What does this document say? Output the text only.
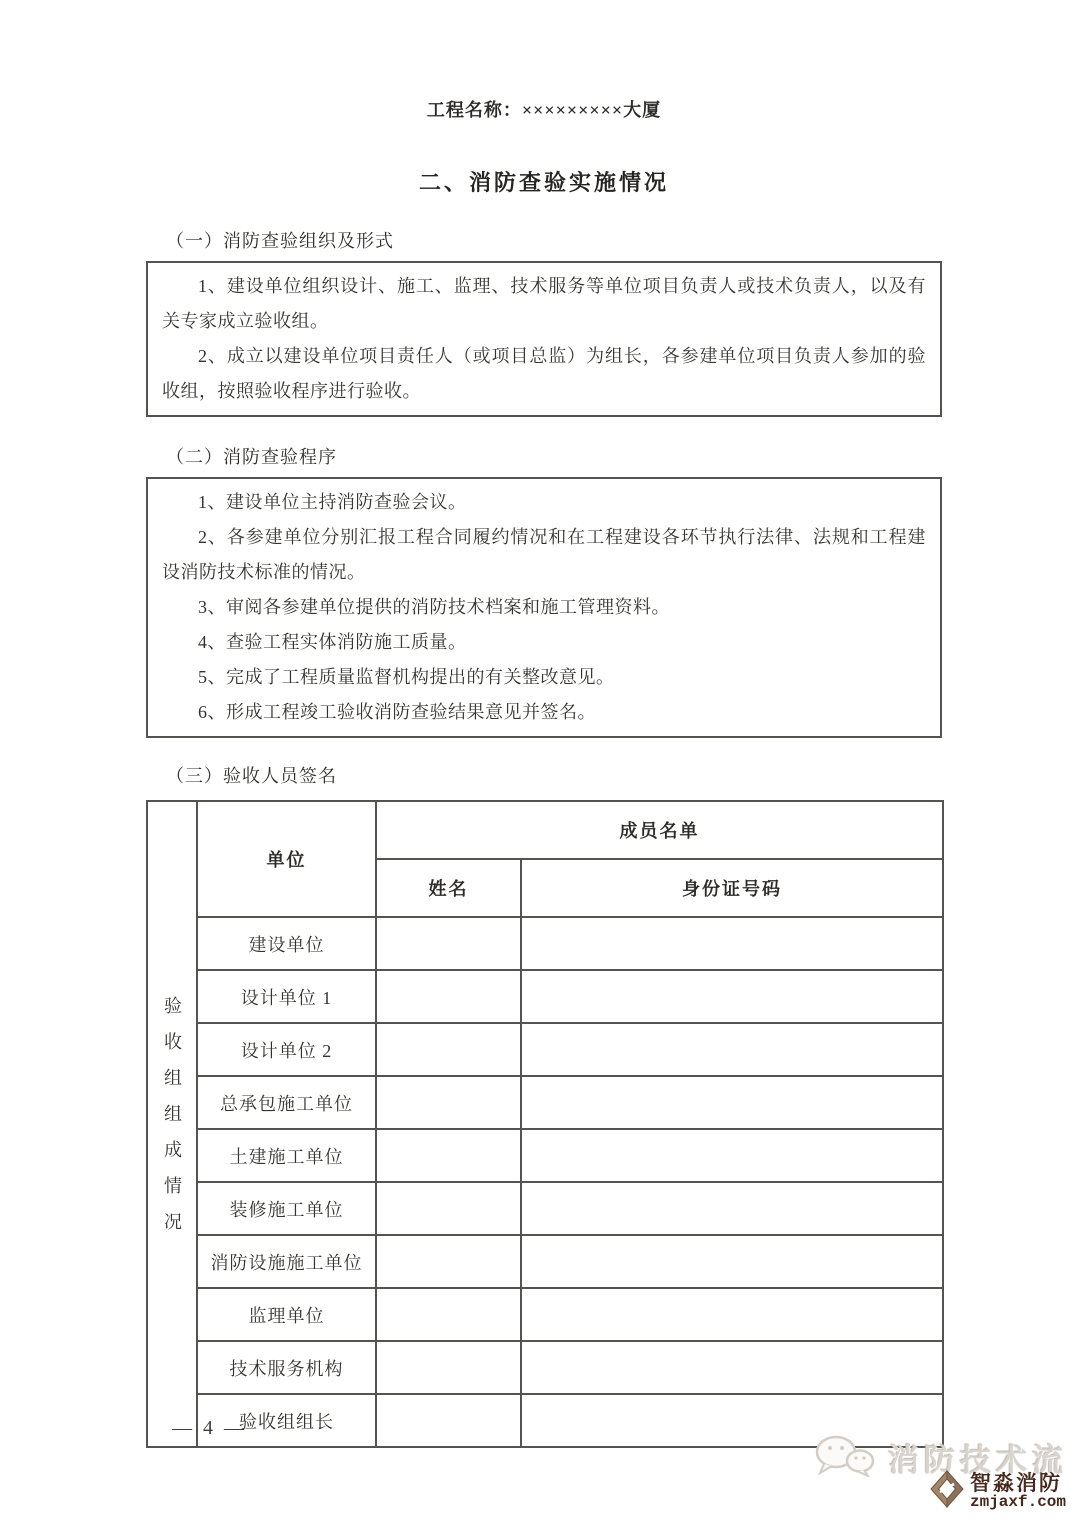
工程名称：×××××××××大厦
二、消防查验实施情况
（一）消防查验组织及形式

1、建设单位组织设计、施工、监理、技术服务等单位项目负责人或技术负责人，以及有关专家成立验收组。

2、成立以建设单位项目责任人（或项目总监）为组长，各参建单位项目负责人参加的验收组，按照验收程序进行验收。

（二）消防查验程序

1、建设单位主持消防查验会议。

2、各参建单位分别汇报工程合同履约情况和在工程建设各环节执行法律、法规和工程建设消防技术标准的情况。

3、审阅各参建单位提供的消防技术档案和施工管理资料。

4、查验工程实体消防施工质量。

5、完成了工程质量监督机构提出的有关整改意见。

6、形成工程竣工验收消防查验结果意见并签名。

（三）验收人员签名
验收组组成情况	单位	成员名单	
		姓名	身份证号码
	建设单位		
	设计单位 1		
	设计单位 2		
	总承包施工单位		
	土建施工单位		
	装修施工单位		
	消防设施施工单位		
	监理单位		
	技术服务机构		
	验收组组长		
— 4 —
消防技术流
智淼消防
zmjaxf.com
